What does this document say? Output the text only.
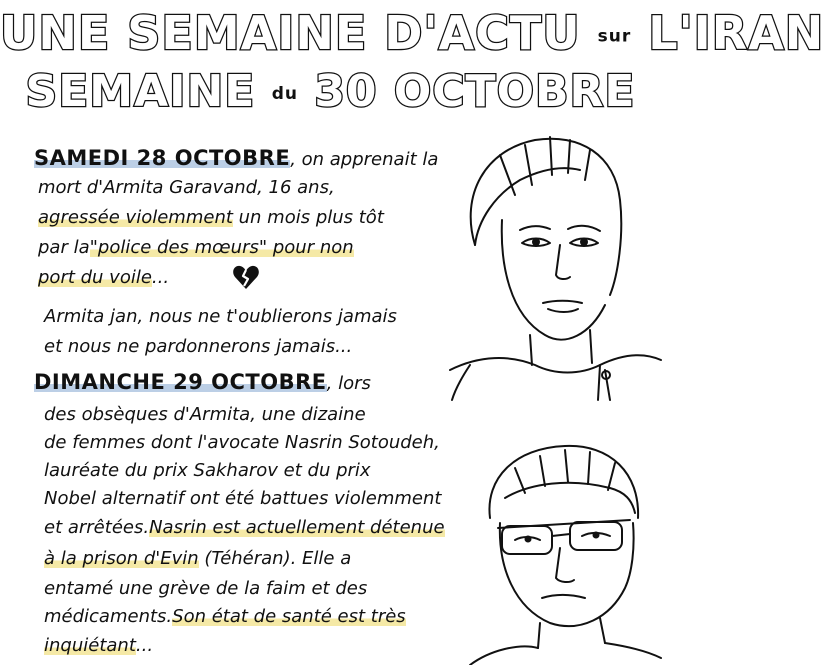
UNE SEMAINE D'ACTU sur L'IRAN
SEMAINE du 30 OCTOBRE
SAMEDI 28 OCTOBRE, on apprenait la
mort d'Armita Garavand, 16 ans,
agressée violemment un mois plus tôt
par la"police des mœurs" pour non
port du voile...
Armita jan, nous ne t'oublierons jamais
et nous ne pardonnerons jamais...
DIMANCHE 29 OCTOBRE, lors
des obsèques d'Armita, une dizaine
de femmes dont l'avocate Nasrin Sotoudeh,
lauréate du prix Sakharov et du prix
Nobel alternatif ont été battues violemment
et arrêtées.Nasrin est actuellement détenue
à la prison d'Evin (Téhéran). Elle a
entamé une grève de la faim et des
médicaments.Son état de santé est très
inquiétant...
